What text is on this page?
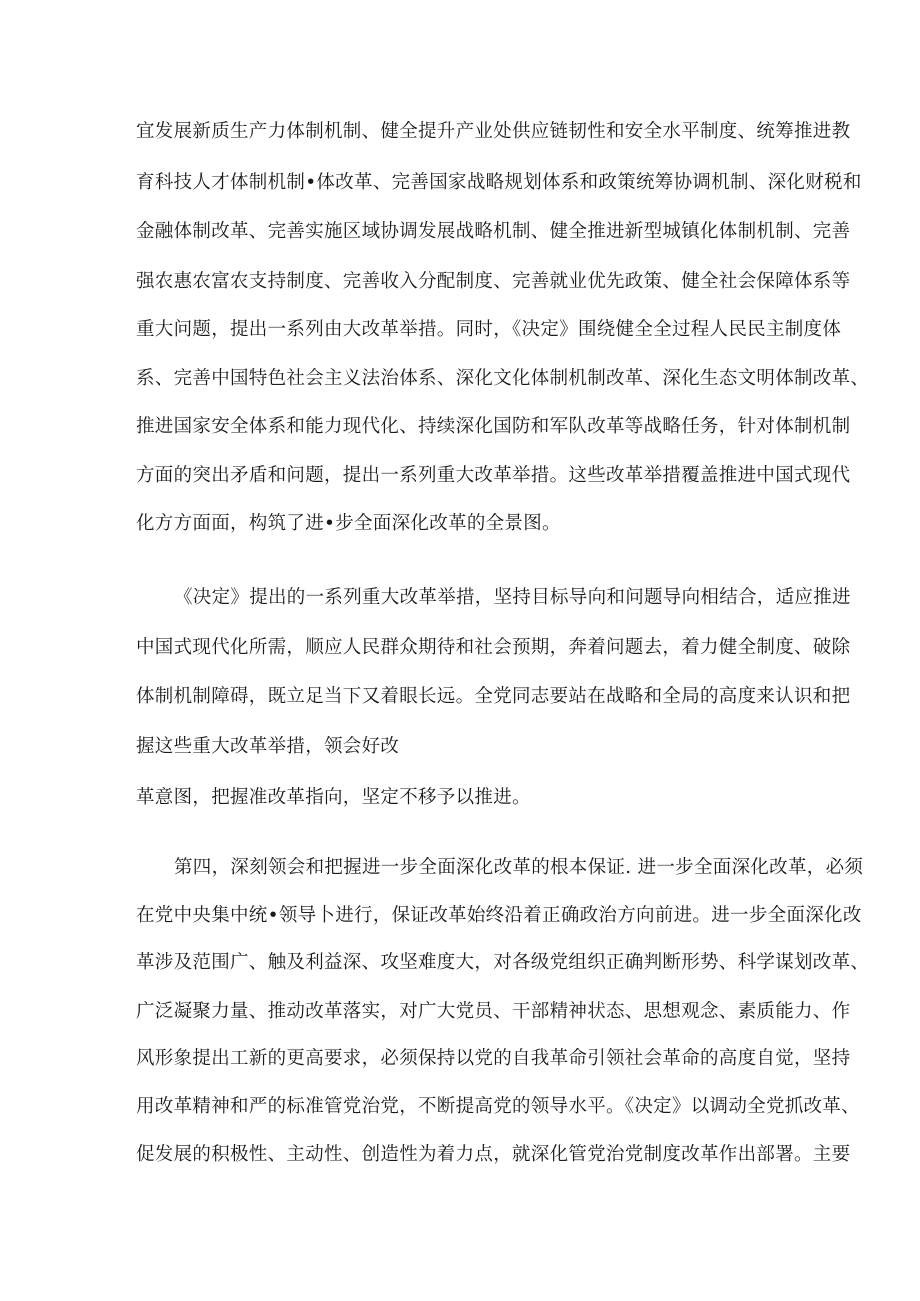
宜发展新质生产力体制机制、健全提升产业处供应链韧性和安全水平制度、统筹推进教
育科技人才体制机制•体改革、完善国家战略规划体系和政策统筹协调机制、深化财税和
金融体制改革、完善实施区域协调发展战略机制、健全推进新型城镇化体制机制、完善
强农惠农富农支持制度、完善收入分配制度、完善就业优先政策、健全社会保障体系等
重大问题，提出一系列由大改革举措。同时，《决定》围绕健全全过程人民民主制度体
系、完善中国特色社会主义法治体系、深化文化体制机制改革、深化生态文明体制改革、
推进国家安全体系和能力现代化、持续深化国防和军队改革等战略任务，针对体制机制
方面的突出矛盾和问题，提出一系列重大改革举措。这些改革举措覆盖推进中国式现代
化方方面面，构筑了进•步全面深化改革的全景图。
《决定》提出的一系列重大改革举措，坚持目标导向和问题导向相结合，适应推进
中国式现代化所需，顺应人民群众期待和社会预期，奔着问题去，着力健全制度、破除
体制机制障碍，既立足当下又着眼长远。全党同志要站在战略和全局的高度来认识和把
握这些重大改革举措，领会好改
革意图，把握准改革指向，坚定不移予以推进。
第四，深刻领会和把握进一步全面深化改革的根本保证. 进一步全面深化改革，必须
在党中央集中统•领导卜进行，保证改革始终沿着正确政治方向前进。进一步全面深化改
革涉及范围广、触及利益深、攻坚难度大，对各级党组织正确判断形势、科学谋划改革、
广泛凝聚力量、推动改革落实，对广大党员、干部精神状态、思想观念、素质能力、作
风形象提出工新的更高要求，必须保持以党的自我革命引领社会革命的高度自觉，坚持
用改革精神和严的标准管党治党，不断提高党的领导水平。《决定》以调动全党抓改革、
促发展的积极性、主动性、创造性为着力点，就深化管党治党制度改革作出部署。主要
